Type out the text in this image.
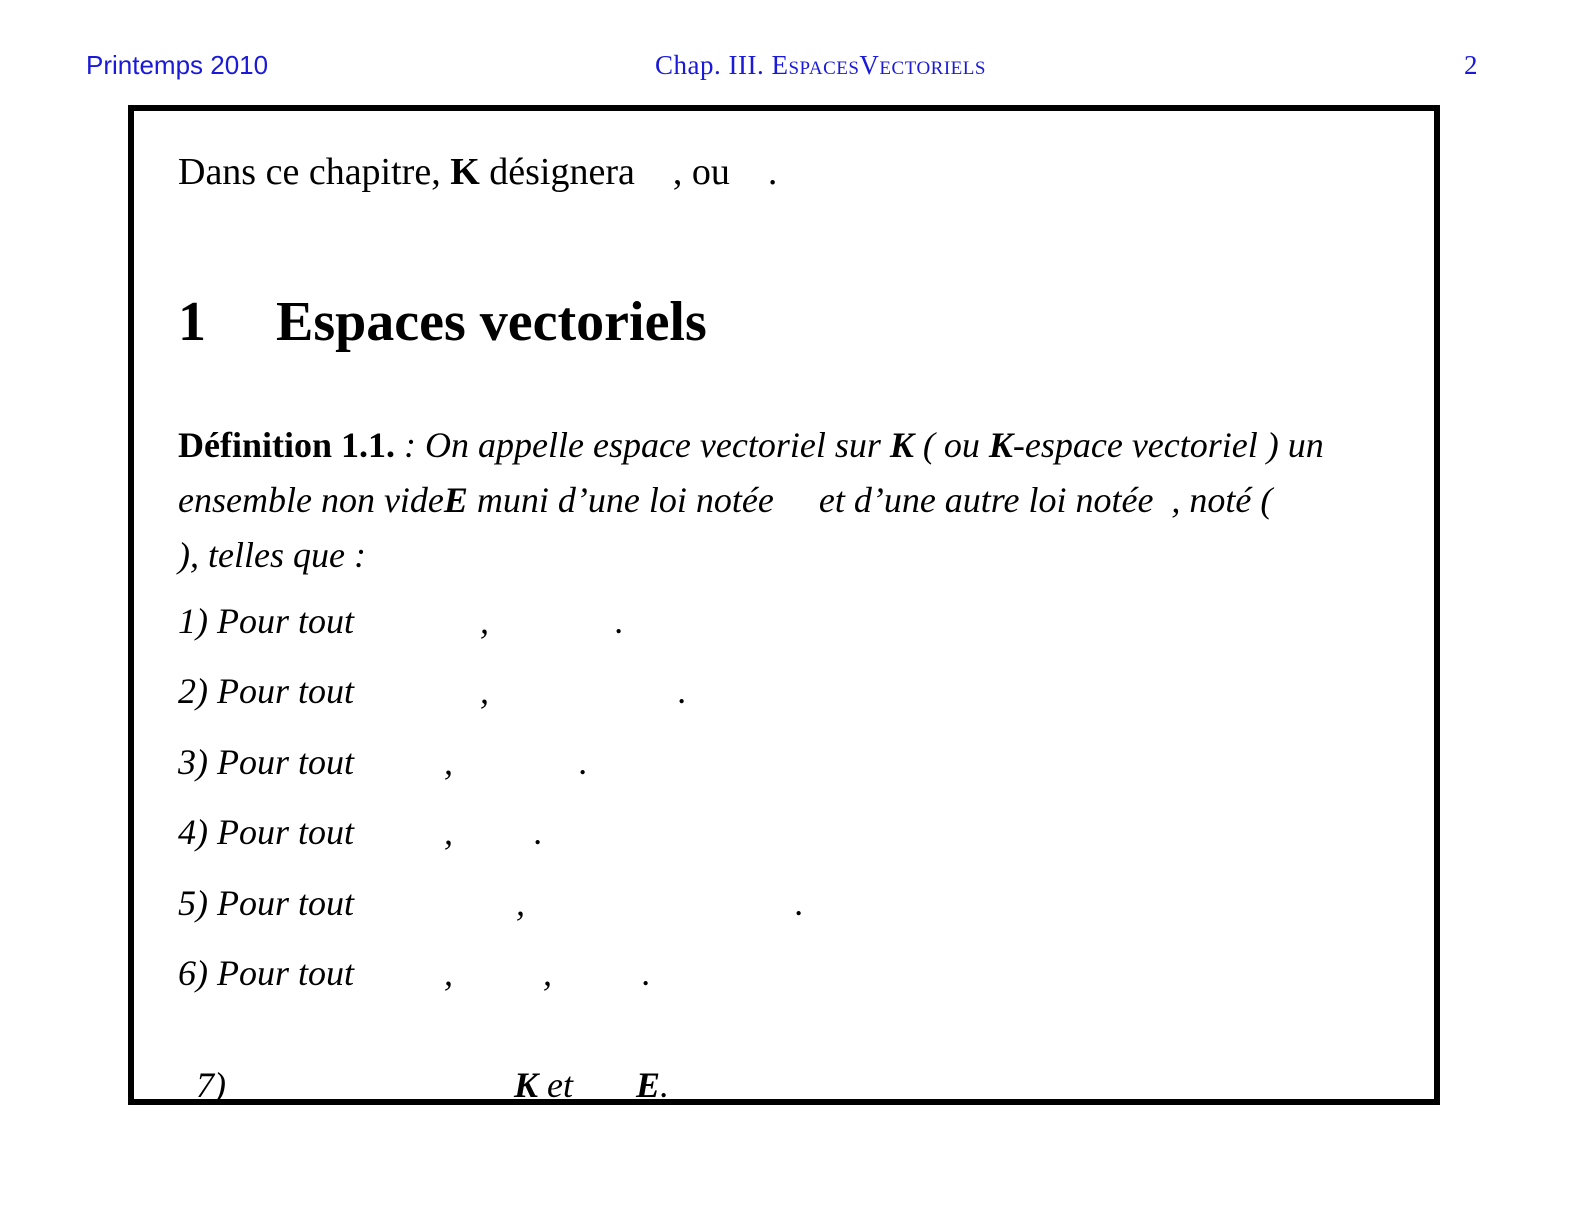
Printemps 2010	Chap. III. EspacesVectoriels	2
Dans ce chapitre, K désignera    , ou    .
1 Espaces vectoriels
Définition 1.1. : On appelle espace vectoriel sur K ( ou K-espace vectoriel ) un ensemble non videE muni d’une loi notée     et d’une autre loi notée  , noté (           ), telles que :
1) Pour tout              ,              .
2) Pour tout              ,                     .
3) Pour tout          ,              .
4) Pour tout          ,         .
5) Pour tout                  ,                              .
6) Pour tout          ,          ,          .

7)                                K et       E.
